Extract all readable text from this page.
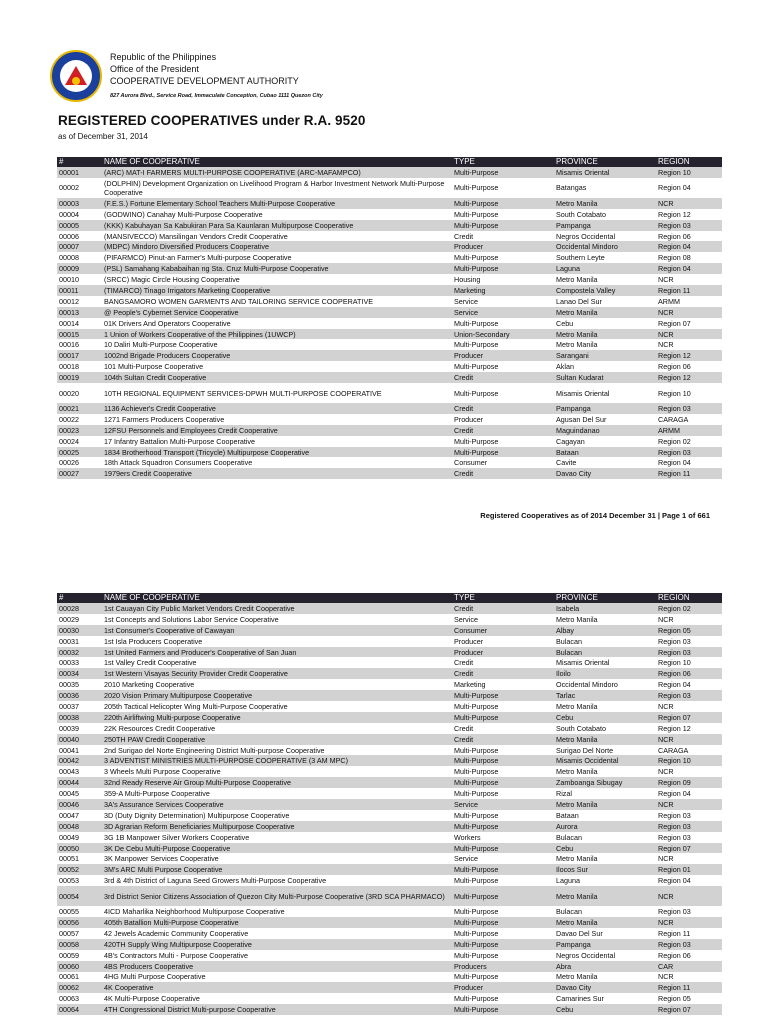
Republic of the Philippines
Office of the President
COOPERATIVE DEVELOPMENT AUTHORITY
827 Aurora Blvd., Service Road, Immaculate Conception, Cubao 1111 Quezon City
REGISTERED COOPERATIVES under R.A. 9520
as of December 31, 2014
#	NAME OF COOPERATIVE	TYPE	PROVINCE	REGION
00001	(ARC) MAT-I FARMERS MULTI-PURPOSE COOPERATIVE (ARC-MAFAMPCO)	Multi-Purpose	Misamis Oriental	Region 10
00002	(DOLPHIN) Development Organization on Livelihood Program & Harbor Investment Network Multi-Purpose Cooperative	Multi-Purpose	Batangas	Region 04
00003	(F.E.S.) Fortune Elementary School Teachers Multi-Purpose Cooperative	Multi-Purpose	Metro Manila	NCR
00004	(GODWINO) Canahay Multi-Purpose Cooperative	Multi-Purpose	South Cotabato	Region 12
00005	(KKK) Kabuhayan Sa Kabukiran Para Sa Kaunlaran Multipurpose Cooperative	Multi-Purpose	Pampanga	Region 03
00006	(MANSIVECCO) Mansilingan Vendors Credit Cooperative	Credit	Negros Occidental	Region 06
00007	(MDPC) Mindoro Diversified Producers Cooperative	Producer	Occidental Mindoro	Region 04
00008	(PIFARMCO) Pinut-an Farmer's Multi-purpose Cooperative	Multi-Purpose	Southern Leyte	Region 08
00009	(PSL) Samahang Kababaihan ng Sta. Cruz Multi-Purpose Cooperative	Multi-Purpose	Laguna	Region 04
00010	(SRCC) Magic Circle Housing Cooperative	Housing	Metro Manila	NCR
00011	(TIMARCO) Tinago Irrigators Marketing Cooperative	Marketing	Compostela Valley	Region 11
00012	BANGSAMORO WOMEN GARMENTS AND TAILORING SERVICE COOPERATIVE	Service	Lanao Del Sur	ARMM
00013	@ People's Cybernet Service Cooperative	Service	Metro Manila	NCR
00014	01K Drivers And Operators Cooperative	Multi-Purpose	Cebu	Region 07
00015	1 Union of Workers Cooperative of the Philippines (1UWCP)	Union-Secondary	Metro Manila	NCR
00016	10 Daliri Multi-Purpose Cooperative	Multi-Purpose	Metro Manila	NCR
00017	1002nd Brigade Producers Cooperative	Producer	Sarangani	Region 12
00018	101 Multi-Purpose Cooperative	Multi-Purpose	Aklan	Region 06
00019	104th Sultan Credit Cooperative	Credit	Sultan Kudarat	Region 12
00020	10TH REGIONAL EQUIPMENT SERVICES-DPWH MULTI-PURPOSE COOPERATIVE	Multi-Purpose	Misamis Oriental	Region 10
00021	1136 Achiever's Credit Cooperative	Credit	Pampanga	Region 03
00022	1271 Farmers Producers Cooperative	Producer	Agusan Del Sur	CARAGA
00023	12FSU Personnels and Employees Credit Cooperative	Credit	Maguindanao	ARMM
00024	17 Infantry Battalion Multi-Purpose Cooperative	Multi-Purpose	Cagayan	Region 02
00025	1834 Brotherhood Transport (Tricycle) Multipurpose Cooperative	Multi-Purpose	Bataan	Region 03
00026	18th Attack Squadron Consumers Cooperative	Consumer	Cavite	Region 04
00027	1979ers Credit Cooperative	Credit	Davao City	Region 11
Registered Cooperatives as of 2014 December 31 | Page 1 of 661
#	NAME OF COOPERATIVE	TYPE	PROVINCE	REGION
00028	1st Cauayan City Public Market Vendors Credit Cooperative	Credit	Isabela	Region 02
00029	1st Concepts and Solutions Labor Service Cooperative	Service	Metro Manila	NCR
00030	1st Consumer's Cooperative of Cawayan	Consumer	Albay	Region 05
00031	1st Isla Producers Cooperative	Producer	Bulacan	Region 03
00032	1st United Farmers and Producer's Cooperative of San Juan	Producer	Bulacan	Region 03
00033	1st Valley Credit Cooperative	Credit	Misamis Oriental	Region 10
00034	1st Western Visayas Security Provider Credit Cooperative	Credit	Iloilo	Region 06
00035	2010 Marketing Cooperative	Marketing	Occidental Mindoro	Region 04
00036	2020 Vision Primary Multipurpose Cooperative	Multi-Purpose	Tarlac	Region 03
00037	205th Tactical Helicopter Wing Multi-Purpose Cooperative	Multi-Purpose	Metro Manila	NCR
00038	220th Airliftwing Multi-purpose Cooperative	Multi-Purpose	Cebu	Region 07
00039	22K Resources Credit Cooperative	Credit	South Cotabato	Region 12
00040	250TH PAW Credit Cooperative	Credit	Metro Manila	NCR
00041	2nd Surigao del Norte Engineering District Multi-purpose Cooperative	Multi-Purpose	Surigao Del Norte	CARAGA
00042	3 ADVENTIST MINISTRIES MULTI-PURPOSE COOPERATIVE (3 AM MPC)	Multi-Purpose	Misamis Occidental	Region 10
00043	3 Wheels Multi Purpose Cooperative	Multi-Purpose	Metro Manila	NCR
00044	32nd Ready Reserve Air Group Multi-Purpose Cooperative	Multi-Purpose	Zamboanga Sibugay	Region 09
00045	359-A Multi-Purpose Cooperative	Multi-Purpose	Rizal	Region 04
00046	3A's Assurance Services Cooperative	Service	Metro Manila	NCR
00047	3D (Duty Dignity Determination) Multipurpose Cooperative	Multi-Purpose	Bataan	Region 03
00048	3D Agrarian Reform Beneficiaries Multipurpose Cooperative	Multi-Purpose	Aurora	Region 03
00049	3G 1B Manpower Silver Workers Cooperative	Workers	Bulacan	Region 03
00050	3K De Cebu Multi-Purpose Cooperative	Multi-Purpose	Cebu	Region 07
00051	3K Manpower Services Cooperative	Service	Metro Manila	NCR
00052	3M's ARC Multi Purpose Cooperative	Multi-Purpose	Ilocos Sur	Region 01
00053	3rd & 4th District of Laguna Seed Growers Multi-Purpose Cooperative	Multi-Purpose	Laguna	Region 04
00054	3rd District Senior Citizens Association of Quezon City Multi-Purpose Cooperative (3RD SCA PHARMACO)	Multi-Purpose	Metro Manila	NCR
00055	4ICD Maharlika Neighborhood Multipurpose Cooperative	Multi-Purpose	Bulacan	Region 03
00056	405th Batallion Multi-Purpose Cooperative	Multi-Purpose	Metro Manila	NCR
00057	42 Jewels Academic Community Cooperative	Multi-Purpose	Davao Del Sur	Region 11
00058	420TH Supply Wing Multipurpose Cooperative	Multi-Purpose	Pampanga	Region 03
00059	4B's Contractors Multi - Purpose Cooperative	Multi-Purpose	Negros Occidental	Region 06
00060	4BS Producers Cooperative	Producers	Abra	CAR
00061	4HG Multi Purpose Cooperative	Multi-Purpose	Metro Manila	NCR
00062	4K Cooperative	Producer	Davao City	Region 11
00063	4K Multi-Purpose Cooperative	Multi-Purpose	Camarines Sur	Region 05
00064	4TH Congressional District Multi-purpose Cooperative	Multi-Purpose	Cebu	Region 07
